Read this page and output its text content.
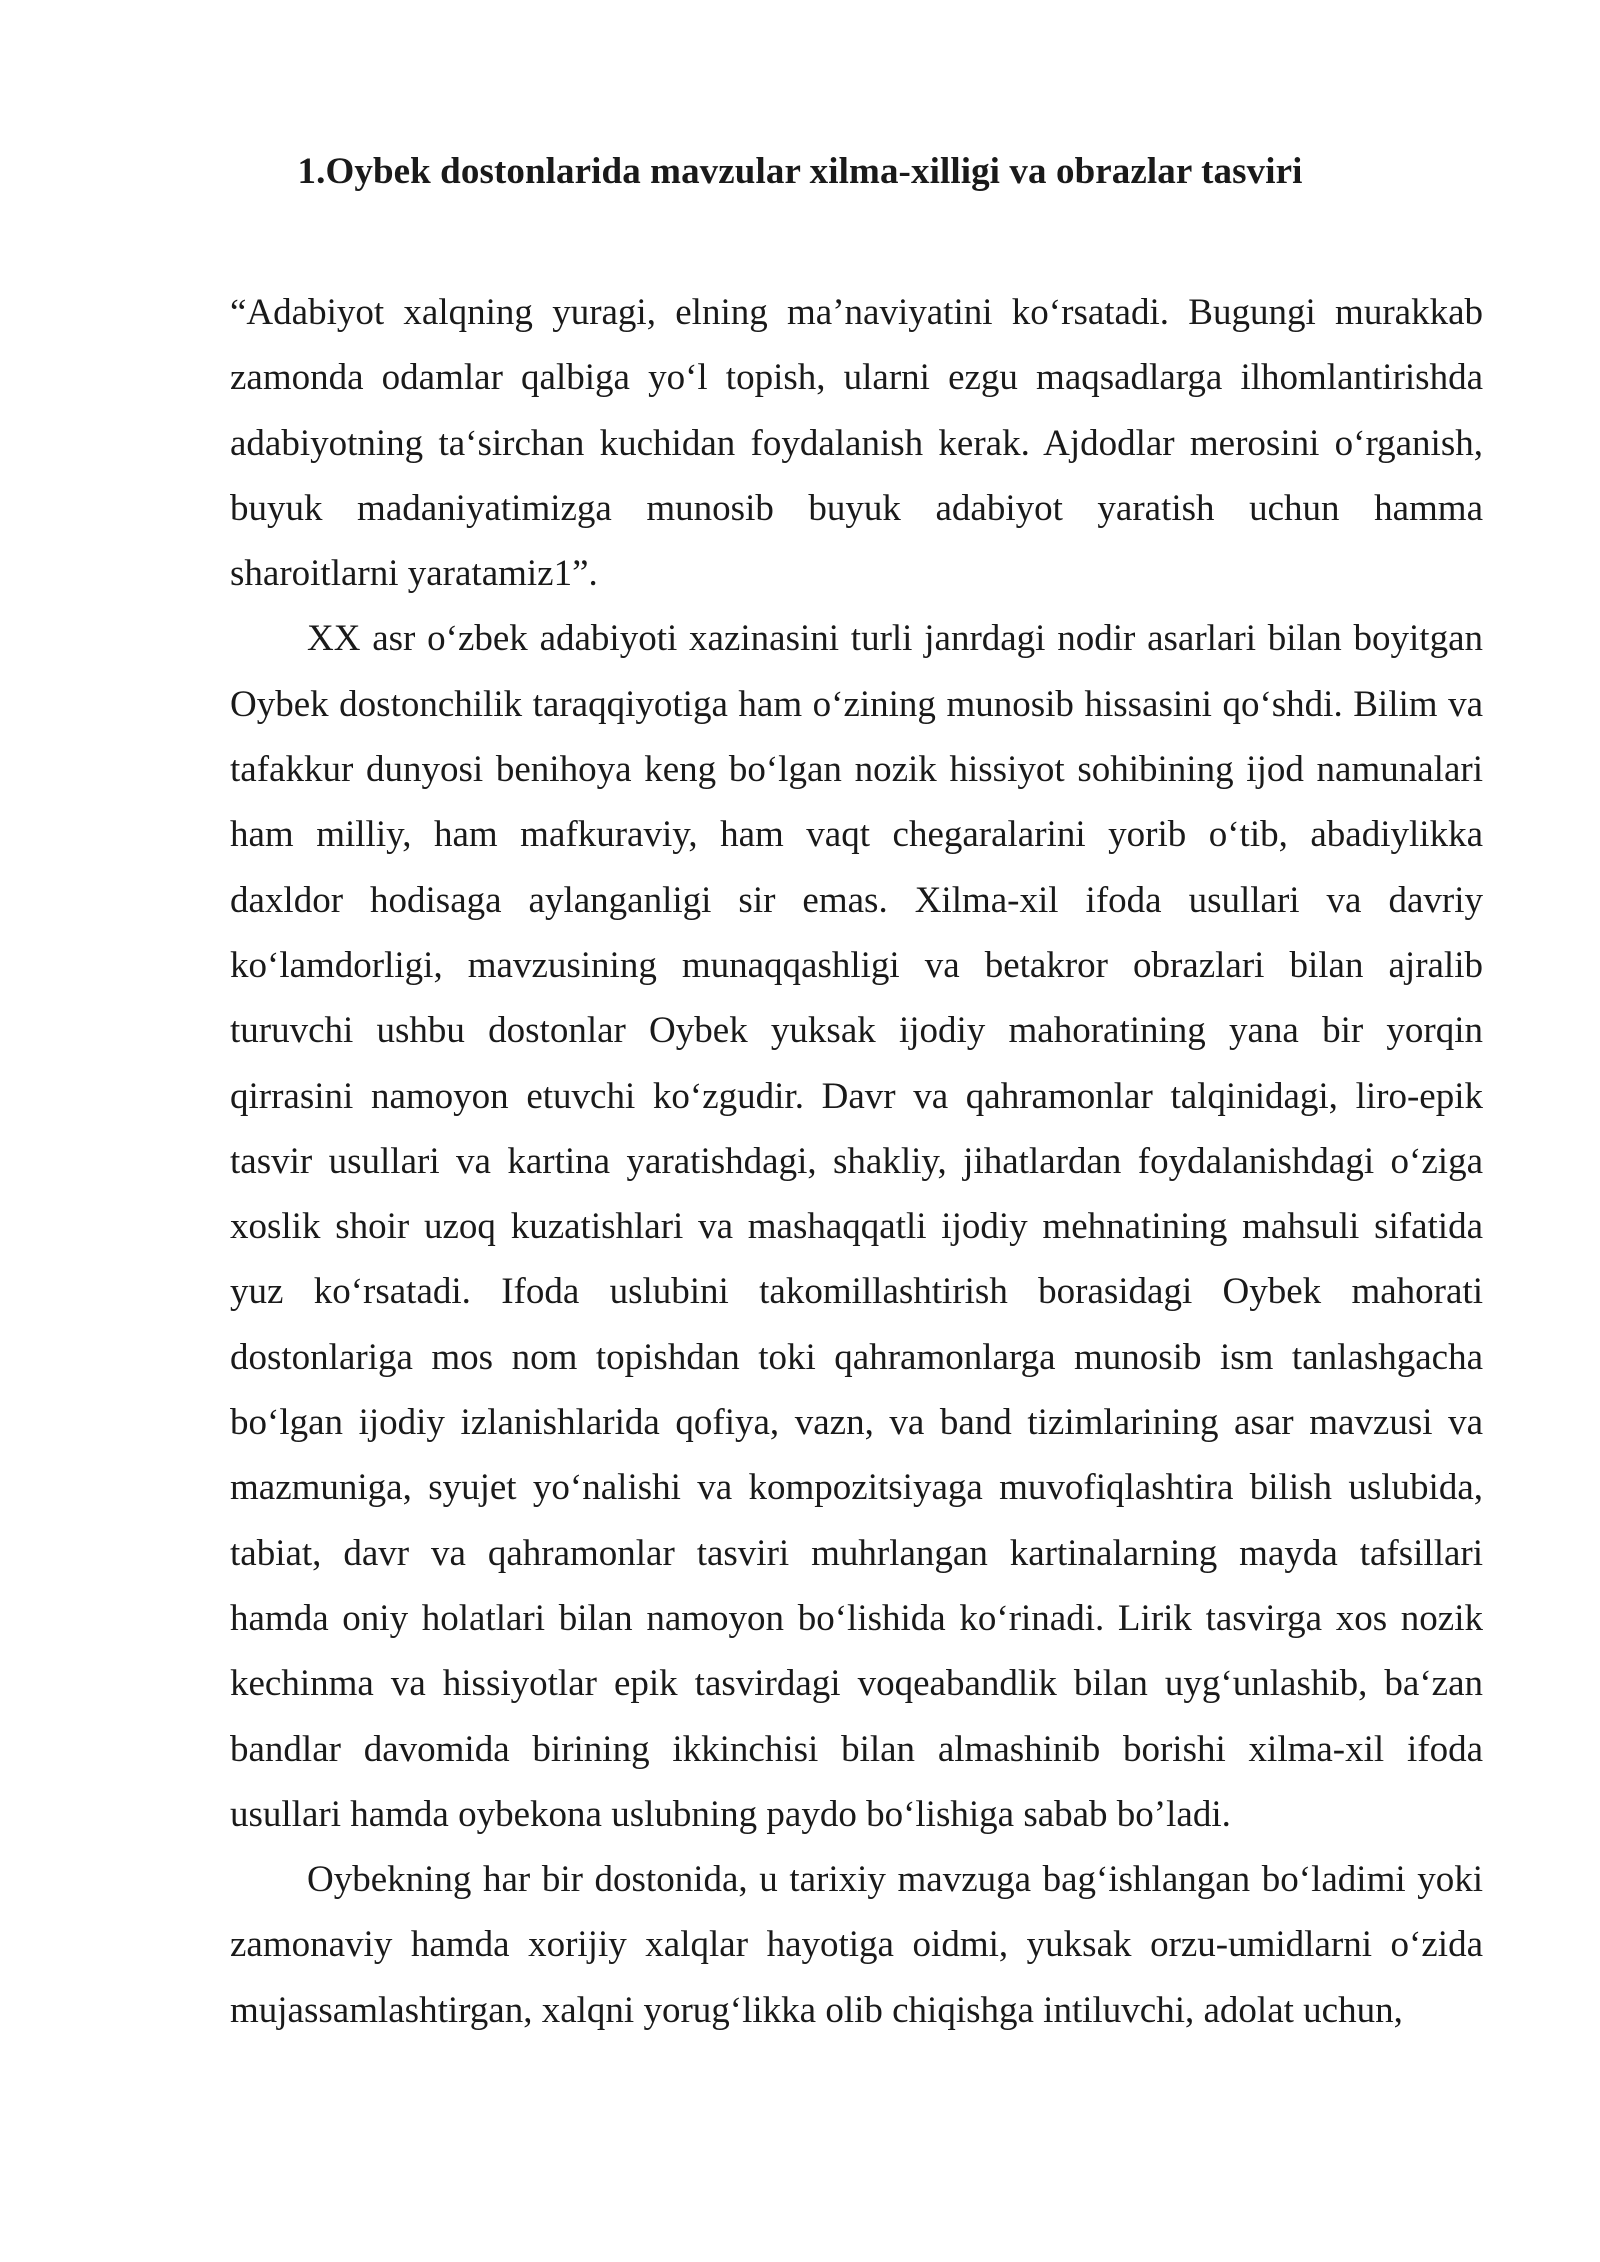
1.Oybek dostonlarida mavzular xilma-xilligi va obrazlar tasviri

“Adabiyot xalqning yuragi, elning ma’naviyatini ko‘rsatadi. Bugungi murakkab zamonda odamlar qalbiga yo‘l topish, ularni ezgu maqsadlarga ilhomlantirishda adabiyotning ta‘sirchan kuchidan foydalanish kerak. Ajdodlar merosini o‘rganish, buyuk madaniyatimizga munosib buyuk adabiyot yaratish uchun hamma sharoitlarni yaratamiz1”.

XX asr o‘zbek adabiyoti xazinasini turli janrdagi nodir asarlari bilan boyitgan Oybek dostonchilik taraqqiyotiga ham o‘zining munosib hissasini qo‘shdi. Bilim va tafakkur dunyosi benihoya keng bo‘lgan nozik hissiyot sohibining ijod namunalari ham milliy, ham mafkuraviy, ham vaqt chegaralarini yorib o‘tib, abadiylikka daxldor hodisaga aylanganligi sir emas. Xilma-xil ifoda usullari va davriy ko‘lamdorligi, mavzusining munaqqashligi va betakror obrazlari bilan ajralib turuvchi ushbu dostonlar Oybek yuksak ijodiy mahoratining yana bir yorqin qirrasini namoyon etuvchi ko‘zgudir. Davr va qahramonlar talqinidagi, liro-epik tasvir usullari va kartina yaratishdagi, shakliy, jihatlardan foydalanishdagi o‘ziga xoslik shoir uzoq kuzatishlari va mashaqqatli ijodiy mehnatining mahsuli sifatida yuz ko‘rsatadi. Ifoda uslubini takomillashtirish borasidagi Oybek mahorati dostonlariga mos nom topishdan toki qahramonlarga munosib ism tanlashgacha bo‘lgan ijodiy izlanishlarida qofiya, vazn, va band tizimlarining asar mavzusi va mazmuniga, syujet yo‘nalishi va kompozitsiyaga muvofiqlashtira bilish uslubida, tabiat, davr va qahramonlar tasviri muhrlangan kartinalarning mayda tafsillari hamda oniy holatlari bilan namoyon bo‘lishida ko‘rinadi. Lirik tasvirga xos nozik kechinma va hissiyotlar epik tasvirdagi voqeabandlik bilan uyg‘unlashib, ba‘zan bandlar davomida birining ikkinchisi bilan almashinib borishi xilma-xil ifoda usullari hamda oybekona uslubning paydo bo‘lishiga sabab bo’ladi.

Oybekning har bir dostonida, u tarixiy mavzuga bag‘ishlangan bo‘ladimi yoki zamonaviy hamda xorijiy xalqlar hayotiga oidmi, yuksak orzu-umidlarni o‘zida mujassamlashtirgan, xalqni yorug‘likka olib chiqishga intiluvchi, adolat uchun,
